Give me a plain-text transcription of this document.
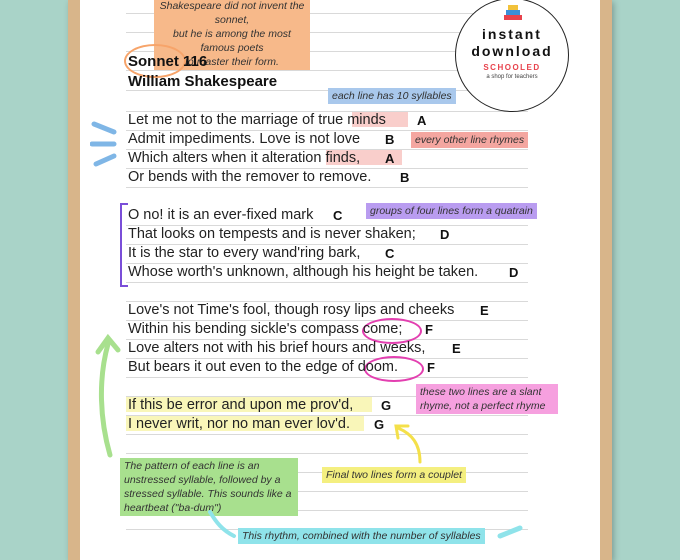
Shakespeare did not invent the sonnet,
but he is among the most famous poets
to master their form.
instant
download
SCHOOLED
a shop for teachers
Sonnet 116
William Shakespeare
each line has 10 syllables
every other line rhymes
groups of four lines form a quatrain
these two lines are a slant
rhyme, not a perfect rhyme
Final two lines form a couplet
The pattern of each line is an
unstressed syllable, followed by a
stressed syllable. This sounds like a
heartbeat ("ba-dum")
This rhythm, combined with the number of syllables
Let me not to the marriage of true minds A
Admit impediments. Love is not love B
Which alters when it alteration finds, A
Or bends with the remover to remove. B
O no! it is an ever-fixed mark C
That looks on tempests and is never shaken; D
It is the star to every wand'ring bark, C
Whose worth's unknown, although his height be taken. D
Love's not Time's fool, though rosy lips and cheeks E
Within his bending sickle's compass come; F
Love alters not with his brief hours and weeks, E
But bears it out even to the edge of doom. F
If this be error and upon me prov'd, G
I never writ, nor no man ever lov'd. G
